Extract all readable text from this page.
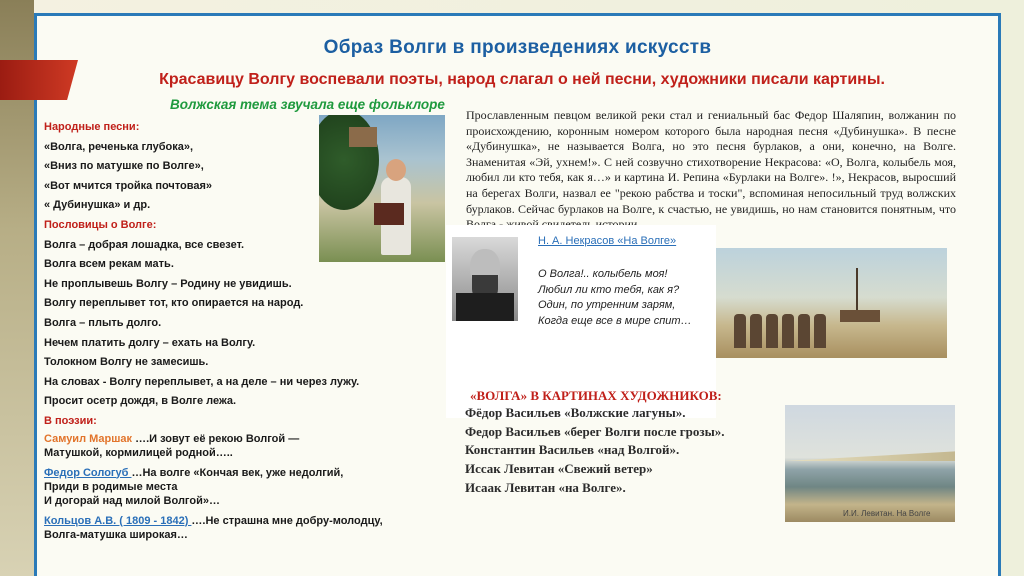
Образ Волги в произведениях искусств
Красавицу Волгу воспевали поэты, народ слагал о ней песни, художники писали картины.
Волжская тема звучала еще фольклоре
Народные песни:
«Волга, реченька глубока»,
«Вниз по матушке по Волге»,
«Вот мчится тройка почтовая»
« Дубинушка» и др.
Пословицы о Волге:
Волга – добрая лошадка, все свезет.
Волга всем рекам мать.
Не проплывешь Волгу – Родину не увидишь.
Волгу переплывет тот, кто опирается на народ.
Волга – плыть долго.
Нечем платить долгу – ехать на Волгу.
Толокном Волгу не замесишь.
На словах - Волгу переплывет, а на деле – ни через лужу.
Просит осетр дождя, в Волге лежа.
В поэзии:
Самуил Маршак ….И зовут её рекою Волгой —
Матушкой, кормилицей родной…..
Федор Сологуб …На волге «Кончая век, уже недолгий,
Приди в родимые места
И догорай над милой Волгой»…
Кольцов А.В. ( 1809 - 1842) ….Не страшна мне добру-молодцу,
Волга-матушка широкая…
Прославленным певцом великой реки стал и гениальный бас Федор Шаляпин, волжанин по происхождению, коронным номером которого была народная песня «Дубинушка». В песне «Дубинушка», не называется Волга, но это песня бурлаков, а они, конечно, на Волге. Знаменитая «Эй, ухнем!». С ней созвучно стихотворение Некрасова: «О, Волга, колыбель моя, любил ли кто тебя, как я…» и картина И. Репина «Бурлаки на Волге». !», Некрасов, выросший на берегах Волги, назвал ее "рекою рабства и тоски", вспоминая непосильный труд волжских бурлаков. Сейчас бурлаков на Волге, к счастью, не увидишь, но нам становится понятным, что
Н. А. Некрасов «На Волге»
О Волга!.. колыбель моя!
Любил ли кто тебя, как я?
Один, по утренним зарям,
Когда еще все в мире спит…
«ВОЛГА» В КАРТИНАХ ХУДОЖНИКОВ:
Фёдор Васильев «Волжские лагуны».
Федор Васильев «берег Волги после грозы».
Константин Васильев «над Волгой».
Иссак Левитан «Свежий ветер»
Исаак Левитан «на Волге».
И.И. Левитан. На Волге
